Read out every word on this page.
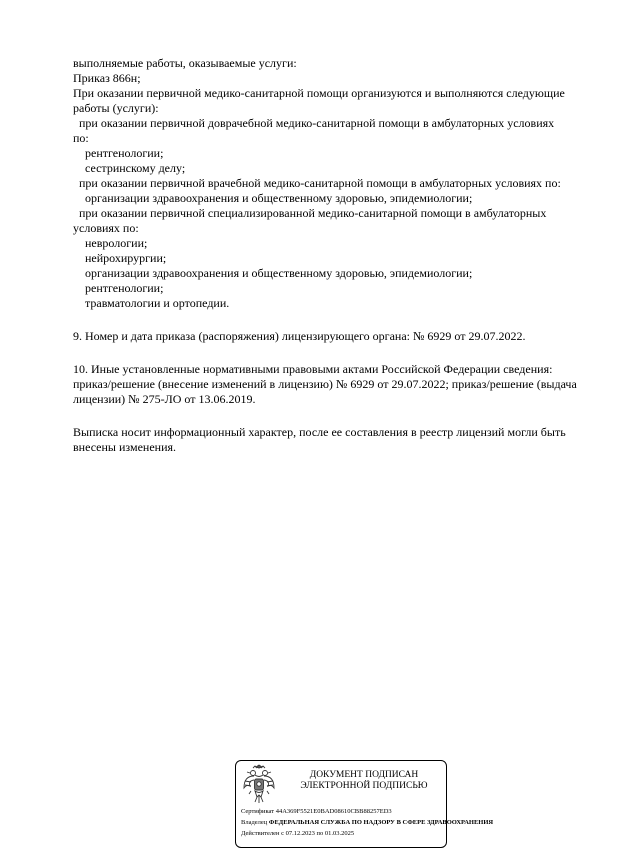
выполняемые работы, оказываемые услуги:
Приказ 866н;
При оказании первичной медико-санитарной помощи организуются и выполняются следующие
работы (услуги):
при оказании первичной доврачебной медико-санитарной помощи в амбулаторных условиях
по:
рентгенологии;
сестринскому делу;
при оказании первичной врачебной медико-санитарной помощи в амбулаторных условиях по:
организации здравоохранения и общественному здоровью, эпидемиологии;
при оказании первичной специализированной медико-санитарной помощи в амбулаторных
условиях по:
неврологии;
нейрохирургии;
организации здравоохранения и общественному здоровью, эпидемиологии;
рентгенологии;
травматологии и ортопедии.
9. Номер и дата приказа (распоряжения) лицензирующего органа: № 6929 от 29.07.2022.
10. Иные установленные нормативными правовыми актами Российской Федерации сведения:
приказ/решение (внесение изменений в лицензию) № 6929 от 29.07.2022; приказ/решение (выдача
лицензии) № 275-ЛО от 13.06.2019.
Выписка носит информационный характер, после ее составления в реестр лицензий могли быть
внесены изменения.
ДОКУМЕНТ ПОДПИСАН
ЭЛЕКТРОННОЙ ПОДПИСЬЮ
Сертификат 44A369F5521E0BAD08610CBB88257ED3
Владелец ФЕДЕРАЛЬНАЯ СЛУЖБА ПО НАДЗОРУ В СФЕРЕ ЗДРАВООХРАНЕНИЯ
Действителен с 07.12.2023 по 01.03.2025
